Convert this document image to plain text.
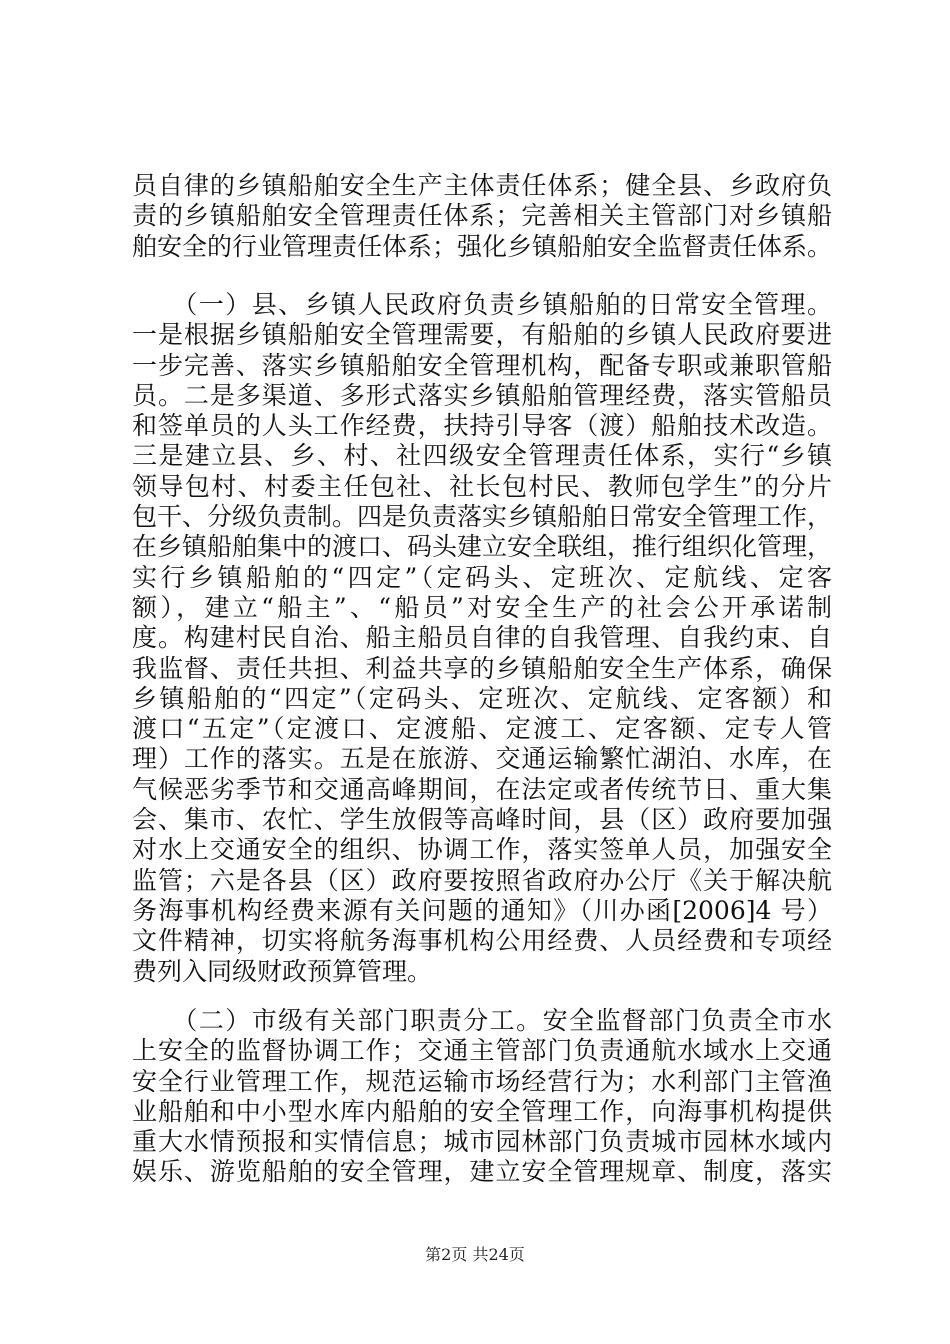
员自律的乡镇船舶安全生产主体责任体系；健全县、乡政府负
责的乡镇船舶安全管理责任体系；完善相关主管部门对乡镇船
舶安全的行业管理责任体系；强化乡镇船舶安全监督责任体系。
　　（一）县、乡镇人民政府负责乡镇船舶的日常安全管理。
一是根据乡镇船舶安全管理需要，有船舶的乡镇人民政府要进
一步完善、落实乡镇船舶安全管理机构，配备专职或兼职管船
员。二是多渠道、多形式落实乡镇船舶管理经费，落实管船员
和签单员的人头工作经费，扶持引导客（渡）船舶技术改造。
三是建立县、乡、村、社四级安全管理责任体系，实行“乡镇
领导包村、村委主任包社、社长包村民、教师包学生”的分片
包干、分级负责制。四是负责落实乡镇船舶日常安全管理工作，
在乡镇船舶集中的渡口、码头建立安全联组，推行组织化管理，
实行乡镇船舶的“四定”（定码头、定班次、定航线、定客
额），建立“船主”、“船员”对安全生产的社会公开承诺制
度。构建村民自治、船主船员自律的自我管理、自我约束、自
我监督、责任共担、利益共享的乡镇船舶安全生产体系，确保
乡镇船舶的“四定”（定码头、定班次、定航线、定客额）和
渡口“五定”（定渡口、定渡船、定渡工、定客额、定专人管
理）工作的落实。五是在旅游、交通运输繁忙湖泊、水库，在
气候恶劣季节和交通高峰期间，在法定或者传统节日、重大集
会、集市、农忙、学生放假等高峰时间，县（区）政府要加强
对水上交通安全的组织、协调工作，落实签单人员，加强安全
监管；六是各县（区）政府要按照省政府办公厅《关于解决航
务海事机构经费来源有关问题的通知》（川办函[2006]4 号）
文件精神，切实将航务海事机构公用经费、人员经费和专项经
费列入同级财政预算管理。
　　（二）市级有关部门职责分工。安全监督部门负责全市水
上安全的监督协调工作；交通主管部门负责通航水域水上交通
安全行业管理工作，规范运输市场经营行为；水利部门主管渔
业船舶和中小型水库内船舶的安全管理工作，向海事机构提供
重大水情预报和实情信息；城市园林部门负责城市园林水域内
娱乐、游览船舶的安全管理，建立安全管理规章、制度，落实
第2页 共24页
